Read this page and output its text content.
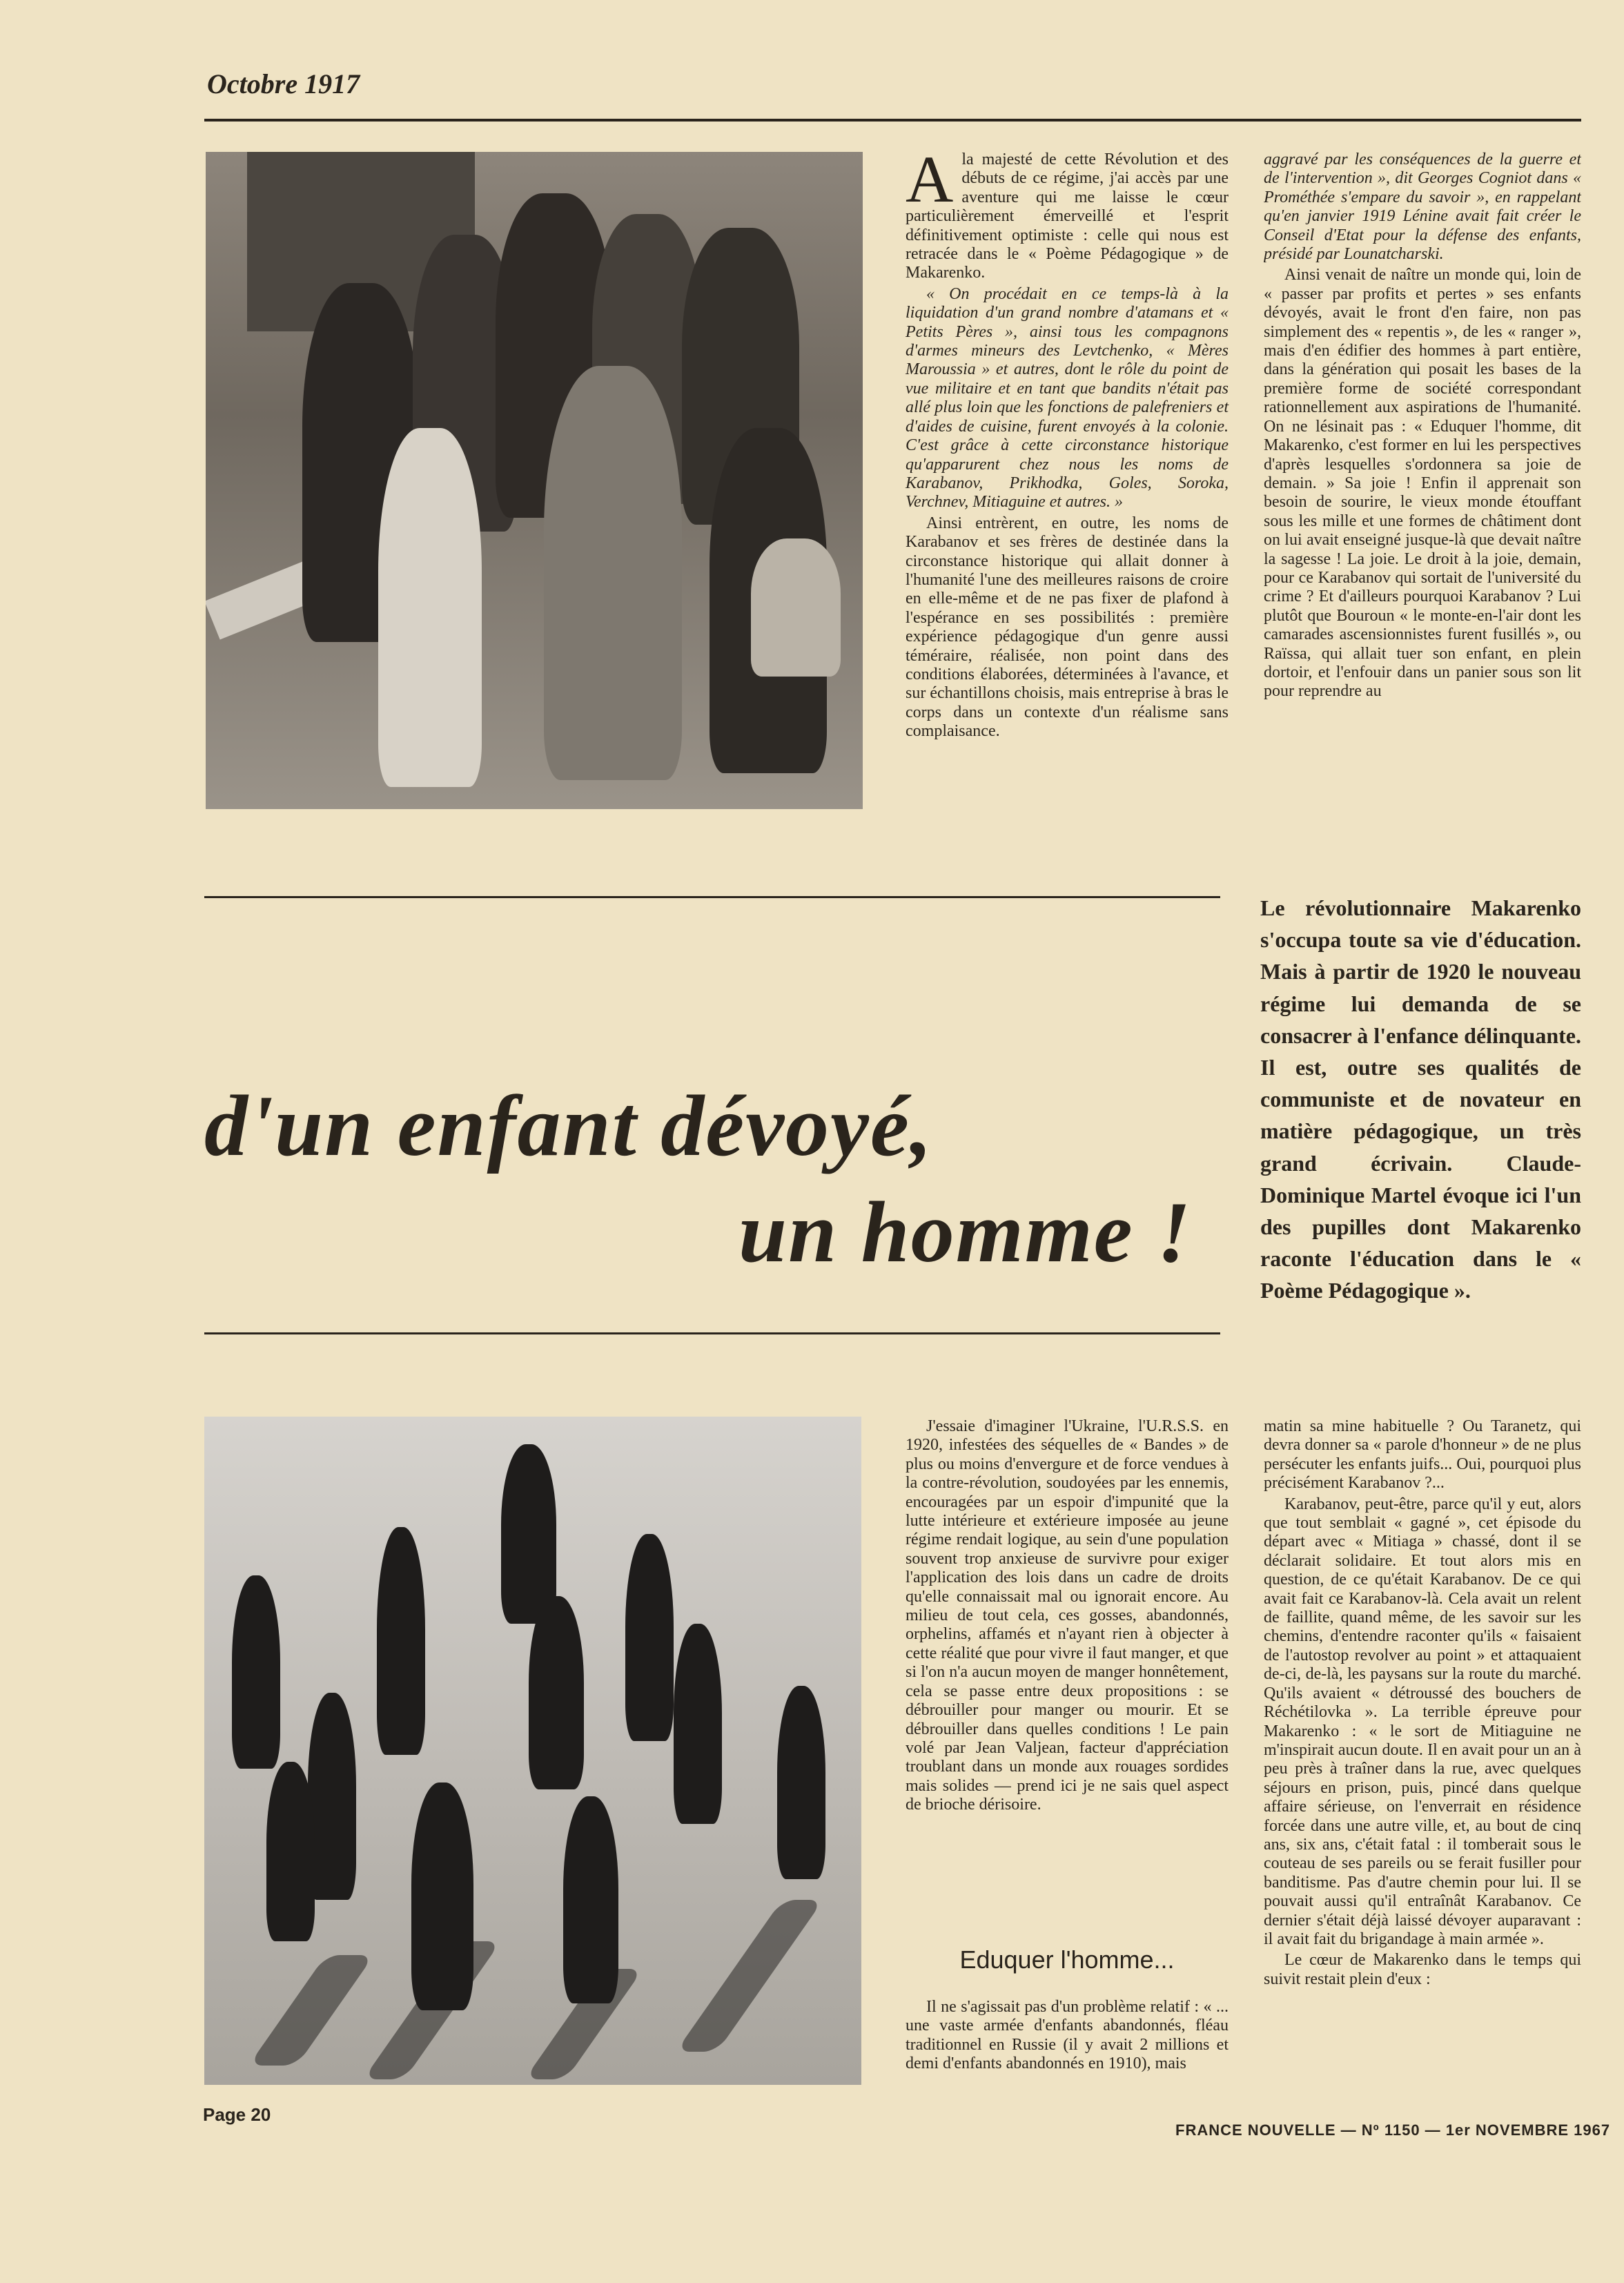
Octobre 1917

Ala majesté de cette Révolution et des débuts de ce régime, j'ai accès par une aventure qui me laisse le cœur particulièrement émerveillé et l'esprit définitivement optimiste : celle qui nous est retracée dans le « Poème Pédagogique » de Makarenko.

« On procédait en ce temps-là à la liquidation d'un grand nombre d'atamans et « Petits Pères », ainsi tous les compagnons d'armes mineurs des Levtchenko, « Mères Maroussia » et autres, dont le rôle du point de vue militaire et en tant que bandits n'était pas allé plus loin que les fonctions de palefreniers et d'aides de cuisine, furent envoyés à la colonie. C'est grâce à cette circonstance historique qu'apparurent chez nous les noms de Karabanov, Prikhodka, Goles, Soroka, Verchnev, Mitiaguine et autres. »

Ainsi entrèrent, en outre, les noms de Karabanov et ses frères de destinée dans la circonstance historique qui allait donner à l'humanité l'une des meilleures raisons de croire en elle-même et de ne pas fixer de plafond à l'espérance en ses possibilités : première expérience pédagogique d'un genre aussi téméraire, réalisée, non point dans des conditions élaborées, déterminées à l'avance, et sur échantillons choisis, mais entreprise à bras le corps dans un contexte d'un réalisme sans complaisance.

aggravé par les conséquences de la guerre et de l'intervention », dit Georges Cogniot dans « Prométhée s'empare du savoir », en rappelant qu'en janvier 1919 Lénine avait fait créer le Conseil d'Etat pour la défense des enfants, présidé par Lounatcharski.

Ainsi venait de naître un monde qui, loin de « passer par profits et pertes » ses enfants dévoyés, avait le front d'en faire, non pas simplement des « repentis », de les « ranger », mais d'en édifier des hommes à part entière, dans la génération qui posait les bases de la première forme de société correspondant rationnellement aux aspirations de l'humanité. On ne lésinait pas : « Eduquer l'homme, dit Makarenko, c'est former en lui les perspectives d'après lesquelles s'ordonnera sa joie de demain. » Sa joie ! Enfin il apprenait son besoin de sourire, le vieux monde étouffant sous les mille et une formes de châtiment dont on lui avait enseigné jusque-là que devait naître la sagesse ! La joie. Le droit à la joie, demain, pour ce Karabanov qui sortait de l'université du crime ? Et d'ailleurs pourquoi Karabanov ? Lui plutôt que Bouroun « le monte-en-l'air dont les camarades ascensionnistes furent fusillés », ou Raïssa, qui allait tuer son enfant, en plein dortoir, et l'enfouir dans un panier sous son lit pour reprendre au

d'un enfant dévoyé,
un homme !
Le révolutionnaire Makarenko s'occupa toute sa vie d'éducation. Mais à partir de 1920 le nouveau régime lui demanda de se consacrer à l'enfance délinquante. Il est, outre ses qualités de communiste et de novateur en matière pédagogique, un très grand écrivain. Claude-Dominique Martel évoque ici l'un des pupilles dont Makarenko raconte l'éducation dans le « Poème Pédagogique ».

J'essaie d'imaginer l'Ukraine, l'U.R.S.S. en 1920, infestées des séquelles de « Bandes » de plus ou moins d'envergure et de force vendues à la contre-révolution, soudoyées par les ennemis, encouragées par un espoir d'impunité que la lutte intérieure et extérieure imposée au jeune régime rendait logique, au sein d'une population souvent trop anxieuse de survivre pour exiger l'application des lois dans un cadre de droits qu'elle connaissait mal ou ignorait encore. Au milieu de tout cela, ces gosses, abandonnés, orphelins, affamés et n'ayant rien à objecter à cette réalité que pour vivre il faut manger, et que si l'on n'a aucun moyen de manger honnêtement, cela se passe entre deux propositions : se débrouiller pour manger ou mourir. Et se débrouiller dans quelles conditions ! Le pain volé par Jean Valjean, facteur d'appréciation troublant dans un monde aux rouages sordides mais solides — prend ici je ne sais quel aspect de brioche dérisoire.

Eduquer l'homme...

Il ne s'agissait pas d'un problème relatif : « ... une vaste armée d'enfants abandonnés, fléau traditionnel en Russie (il y avait 2 millions et demi d'enfants abandonnés en 1910), mais

matin sa mine habituelle ? Ou Taranetz, qui devra donner sa « parole d'honneur » de ne plus persécuter les enfants juifs... Oui, pourquoi plus précisément Karabanov ?...

Karabanov, peut-être, parce qu'il y eut, alors que tout semblait « gagné », cet épisode du départ avec « Mitiaga » chassé, dont il se déclarait solidaire. Et tout alors mis en question, de ce qu'était Karabanov. De ce qui avait fait ce Karabanov-là. Cela avait un relent de faillite, quand même, de les savoir sur les chemins, d'entendre raconter qu'ils « faisaient de l'autostop revolver au point » et attaquaient de-ci, de-là, les paysans sur la route du marché. Qu'ils avaient « détroussé des bouchers de Réchétilovka ». La terrible épreuve pour Makarenko : « le sort de Mitiaguine ne m'inspirait aucun doute. Il en avait pour un an à peu près à traîner dans la rue, avec quelques séjours en prison, puis, pincé dans quelque affaire sérieuse, on l'enverrait en résidence forcée dans une autre ville, et, au bout de cinq ans, six ans, c'était fatal : il tomberait sous le couteau de ses pareils ou se ferait fusiller pour banditisme. Pas d'autre chemin pour lui. Il se pouvait aussi qu'il entraînât Karabanov. Ce dernier s'était déjà laissé dévoyer auparavant : il avait fait du brigandage à main armée ».

Le cœur de Makarenko dans le temps qui suivit restait plein d'eux :

Page 20
FRANCE NOUVELLE — Nº 1150 — 1er NOVEMBRE 1967
